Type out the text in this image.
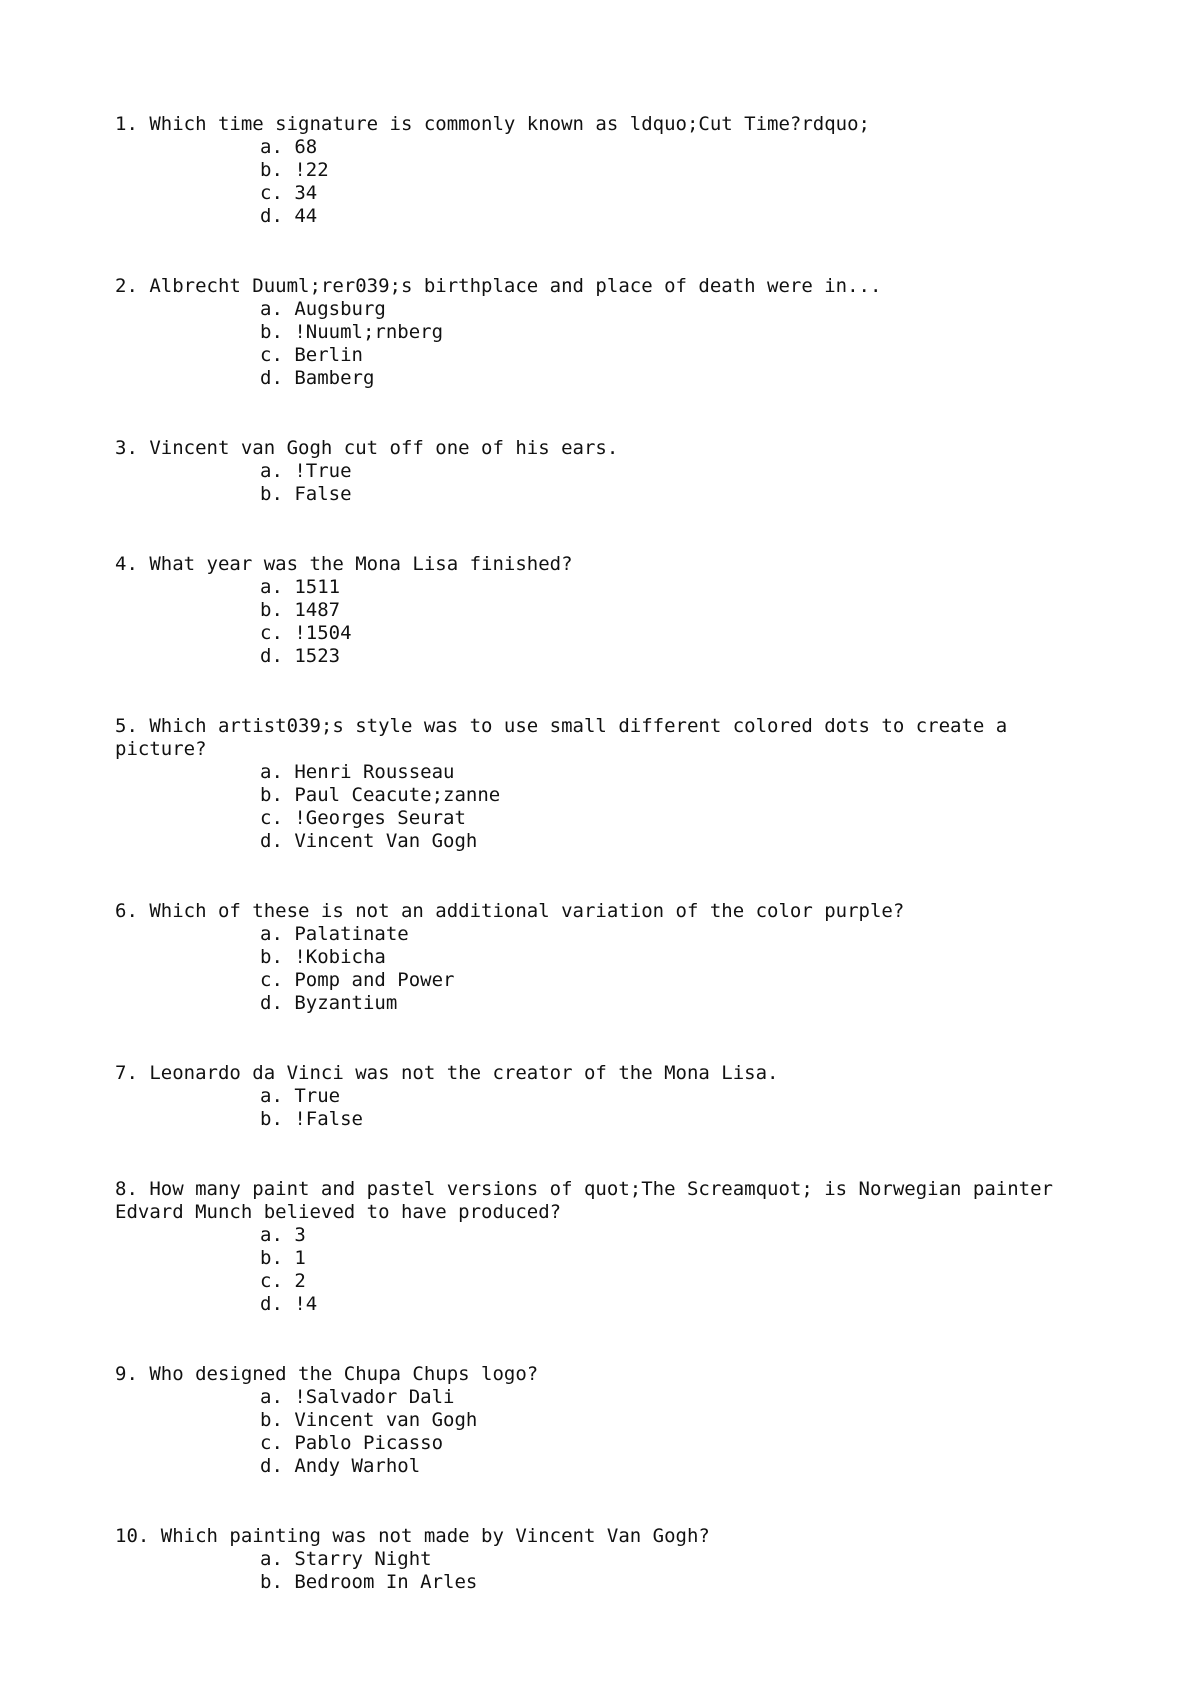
1. Which time signature is commonly known as ldquo;Cut Time?rdquo;

a. 68
b. !22
c. 34
d. 44

2. Albrecht Duuml;rer039;s birthplace and place of death were in...

a. Augsburg
b. !Nuuml;rnberg
c. Berlin
d. Bamberg

3. Vincent van Gogh cut off one of his ears.

a. !True
b. False

4. What year was the Mona Lisa finished?

a. 1511
b. 1487
c. !1504
d. 1523

5. Which artist039;s style was to use small different colored dots to create a picture?

a. Henri Rousseau
b. Paul Ceacute;zanne
c. !Georges Seurat
d. Vincent Van Gogh

6. Which of these is not an additional variation of the color purple?

a. Palatinate
b. !Kobicha
c. Pomp and Power
d. Byzantium

7. Leonardo da Vinci was not the creator of the Mona Lisa.

a. True
b. !False

8. How many paint and pastel versions of quot;The Screamquot; is Norwegian painter Edvard Munch believed to have produced?

a. 3
b. 1
c. 2
d. !4

9. Who designed the Chupa Chups logo?

a. !Salvador Dali
b. Vincent van Gogh
c. Pablo Picasso
d. Andy Warhol

10. Which painting was not made by Vincent Van Gogh?

a. Starry Night
b. Bedroom In Arles
